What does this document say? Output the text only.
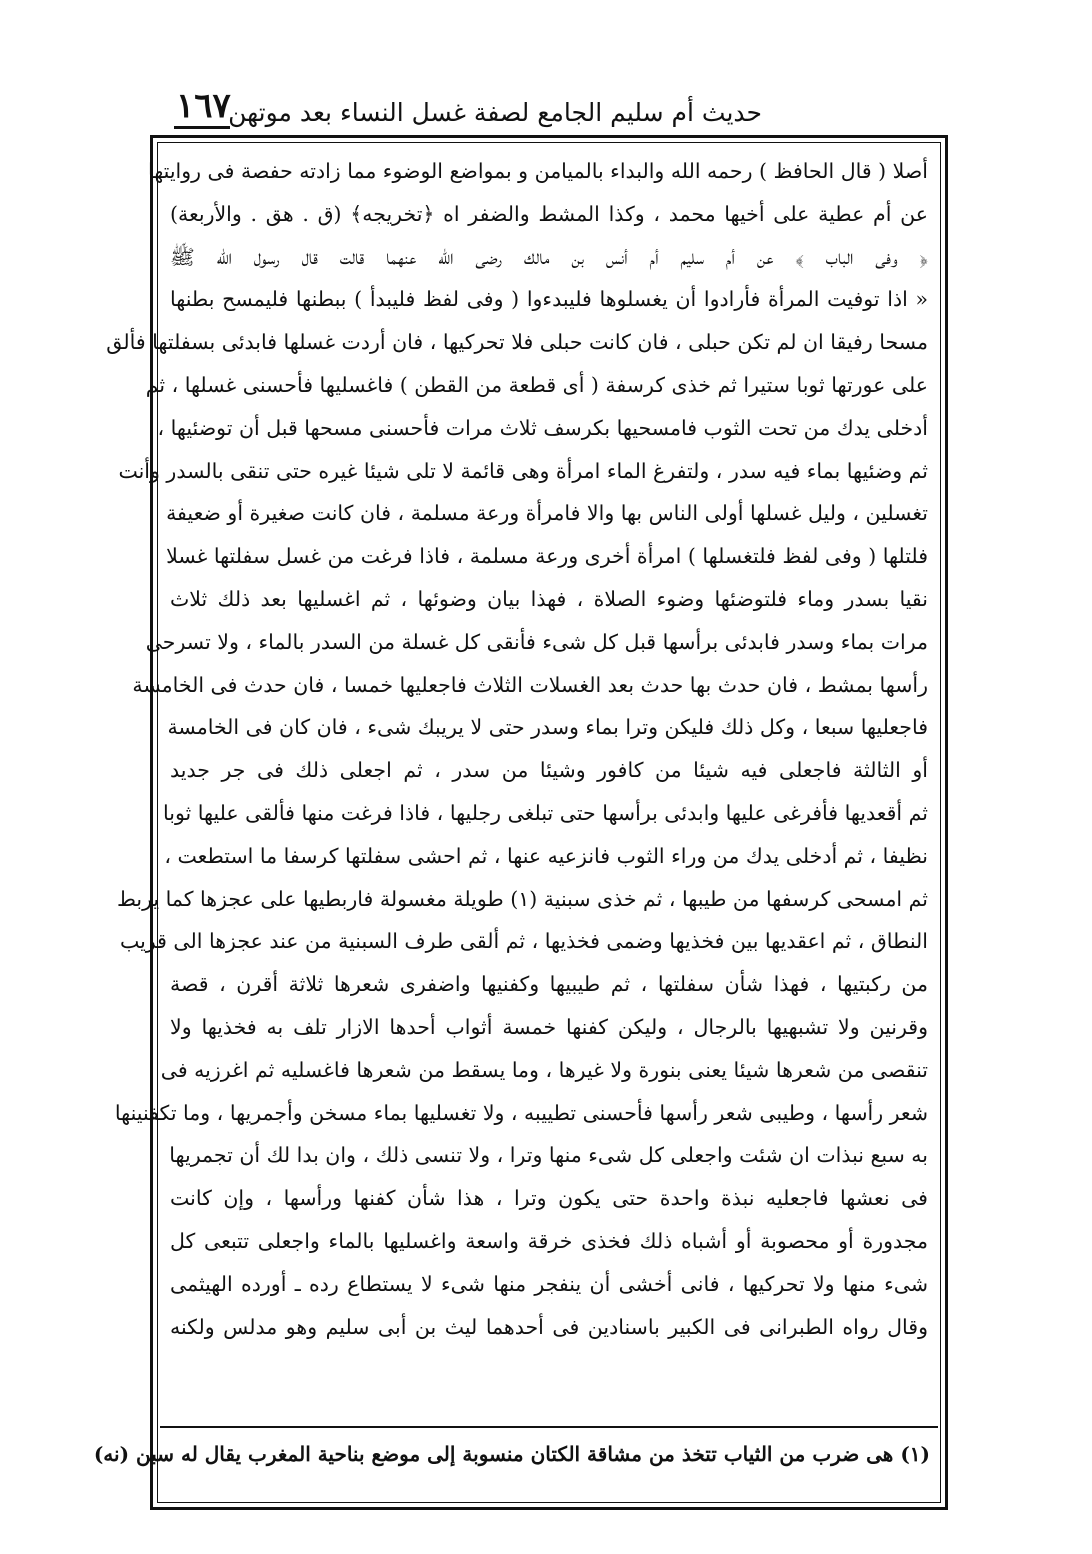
١٦٧
حديث أم سليم الجامع لصفة غسل النساء بعد موتهن
أصلا ( قال الحافظ ) رحمه الله والبداء بالميامن و بمواضع الوضوء مما زادته حفصة فى روايتها
عن أم عطية على أخيها محمد ، وكذا المشط والضفر اه ﴿تخريجه﴾ (ق . هق . والأربعة)
﴿ وفى الباب ﴾ عن أم سليم أم أنس بن مالك رضى الله عنهما قالت قال رسول الله ﷺ
« اذا توفيت المرأة فأرادوا أن يغسلوها فليبدءوا ( وفى لفظ فليبدأ ) ببطنها فليمسح بطنها
مسحا رفيقا ان لم تكن حبلى ، فان كانت حبلى فلا تحركيها ، فان أردت غسلها فابدئى بسفلتها فألق
على عورتها ثوبا ستيرا ثم خذى كرسفة ( أى قطعة من القطن ) فاغسليها فأحسنى غسلها ، ثم
أدخلى يدك من تحت الثوب فامسحيها بكرسف ثلاث مرات فأحسنى مسحها قبل أن توضئيها ،
ثم وضئيها بماء فيه سدر ، ولتفرغ الماء امرأة وهى قائمة لا تلى شيئا غيره حتى تنقى بالسدر وأنت
تغسلين ، وليل غسلها أولى الناس بها والا فامرأة ورعة مسلمة ، فان كانت صغيرة أو ضعيفة
فلتلها ( وفى لفظ فلتغسلها ) امرأة أخرى ورعة مسلمة ، فاذا فرغت من غسل سفلتها غسلا
نقيا بسدر وماء فلتوضئها وضوء الصلاة ، فهذا بيان وضوئها ، ثم اغسليها بعد ذلك ثلاث
مرات بماء وسدر فابدئى برأسها قبل كل شىء فأنقى كل غسلة من السدر بالماء ، ولا تسرحى
رأسها بمشط ، فان حدث بها حدث بعد الغسلات الثلاث فاجعليها خمسا ، فان حدث فى الخامسة
فاجعليها سبعا ، وكل ذلك فليكن وترا بماء وسدر حتى لا يريبك شىء ، فان كان فى الخامسة
أو الثالثة فاجعلى فيه شيئا من كافور وشيئا من سدر ، ثم اجعلى ذلك فى جر جديد
ثم أقعديها فأفرغى عليها وابدئى برأسها حتى تبلغى رجليها ، فاذا فرغت منها فألقى عليها ثوبا
نظيفا ، ثم أدخلى يدك من وراء الثوب فانزعيه عنها ، ثم احشى سفلتها كرسفا ما استطعت ،
ثم امسحى كرسفها من طيبها ، ثم خذى سبنية (١) طويلة مغسولة فاربطيها على عجزها كما يربط
النطاق ، ثم اعقديها بين فخذيها وضمى فخذيها ، ثم ألقى طرف السبنية من عند عجزها الى قريب
من ركبتيها ، فهذا شأن سفلتها ، ثم طيبيها وكفنيها واضفرى شعرها ثلاثة أقرن ، قصة
وقرنين ولا تشبهيها بالرجال ، وليكن كفنها خمسة أثواب أحدها الازار تلف به فخذيها ولا
تنقصى من شعرها شيئا يعنى بنورة ولا غيرها ، وما يسقط من شعرها فاغسليه ثم اغرزيه فى
شعر رأسها ، وطيبى شعر رأسها فأحسنى تطييبه ، ولا تغسليها بماء مسخن وأجمريها ، وما تكفنينها
به سبع نبذات ان شئت واجعلى كل شىء منها وترا ، ولا تنسى ذلك ، وان بدا لك أن تجمريها
فى نعشها فاجعليه نبذة واحدة حتى يكون وترا ، هذا شأن كفنها ورأسها ، وإن كانت
مجدورة أو محصوبة أو أشباه ذلك فخذى خرقة واسعة واغسليها بالماء واجعلى تتبعى كل
شىء منها ولا تحركيها ، فانى أخشى أن ينفجر منها شىء لا يستطاع رده ـ أورده الهيثمى
وقال رواه الطبرانى فى الكبير باسنادين فى أحدهما ليث بن أبى سليم وهو مدلس ولكنه
(١) هى ضرب من الثياب تتخذ من مشاقة الكتان منسوبة إلى موضع بناحية المغرب يقال له سبن (نه)
